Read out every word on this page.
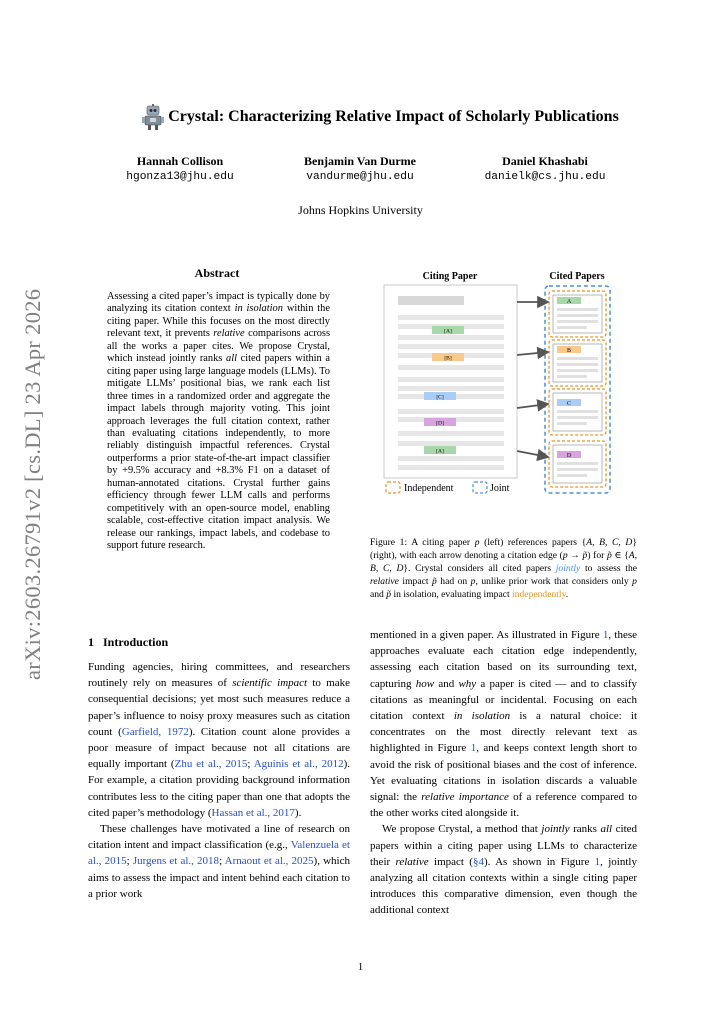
arXiv:2603.26791v2 [cs.DL] 23 Apr 2026
Crystal: Characterizing Relative Impact of Scholarly Publications
Hannah Collison
hgonza13@jhu.edu
Benjamin Van Durme
vandurme@jhu.edu
Daniel Khashabi
danielk@cs.jhu.edu
Johns Hopkins University
Abstract
Assessing a cited paper’s impact is typically done by analyzing its citation context in isolation within the citing paper. While this focuses on the most directly relevant text, it prevents relative comparisons across all the works a paper cites. We propose Crystal, which instead jointly ranks all cited papers within a citing paper using large language models (LLMs). To mitigate LLMs’ positional bias, we rank each list three times in a randomized order and aggregate the impact labels through majority voting. This joint approach leverages the full citation context, rather than evaluating citations independently, to more reliably distinguish impactful references. Crystal outperforms a prior state-of-the-art impact classifier by +9.5% accuracy and +8.3% F1 on a dataset of human-annotated citations. Crystal further gains efficiency through fewer LLM calls and performs competitively with an open-source model, enabling scalable, cost-effective citation impact analysis. We release our rankings, impact labels, and codebase to support future research.
Citing Paper	Cited Papers
[A]
[B]
[C]
[D]
[A]
A
B
C
D
Independent	Joint
Figure 1: A citing paper p (left) references papers {A, B, C, D} (right), with each arrow denoting a citation edge (p → p̃) for p̃ ∈ {A, B, C, D}. Crystal considers all cited papers jointly to assess the relative impact p̃ had on p, unlike prior work that considers only p and p̃ in isolation, evaluating impact independently.
1 Introduction

Funding agencies, hiring committees, and researchers routinely rely on measures of scientific impact to make consequential decisions; yet most such measures reduce a paper’s influence to noisy proxy measures such as citation count (Garfield, 1972). Citation count alone provides a poor measure of impact because not all citations are equally important (Zhu et al., 2015; Aguinis et al., 2012). For example, a citation providing background information contributes less to the citing paper than one that adopts the cited paper’s methodology (Hassan et al., 2017).

These challenges have motivated a line of research on citation intent and impact classification (e.g., Valenzuela et al., 2015; Jurgens et al., 2018; Arnaout et al., 2025), which aims to assess the impact and intent behind each citation to a prior work

mentioned in a given paper. As illustrated in Figure 1, these approaches evaluate each citation edge independently, assessing each citation based on its surrounding text, capturing how and why a paper is cited — and to classify citations as meaningful or incidental. Focusing on each citation context in isolation is a natural choice: it concentrates on the most directly relevant text as highlighted in Figure 1, and keeps context length short to avoid the risk of positional biases and the cost of inference. Yet evaluating citations in isolation discards a valuable signal: the relative importance of a reference compared to the other works cited alongside it.

We propose Crystal, a method that jointly ranks all cited papers within a citing paper using LLMs to characterize their relative impact (§4). As shown in Figure 1, jointly analyzing all citation contexts within a single citing paper introduces this comparative dimension, even though the additional context

1
